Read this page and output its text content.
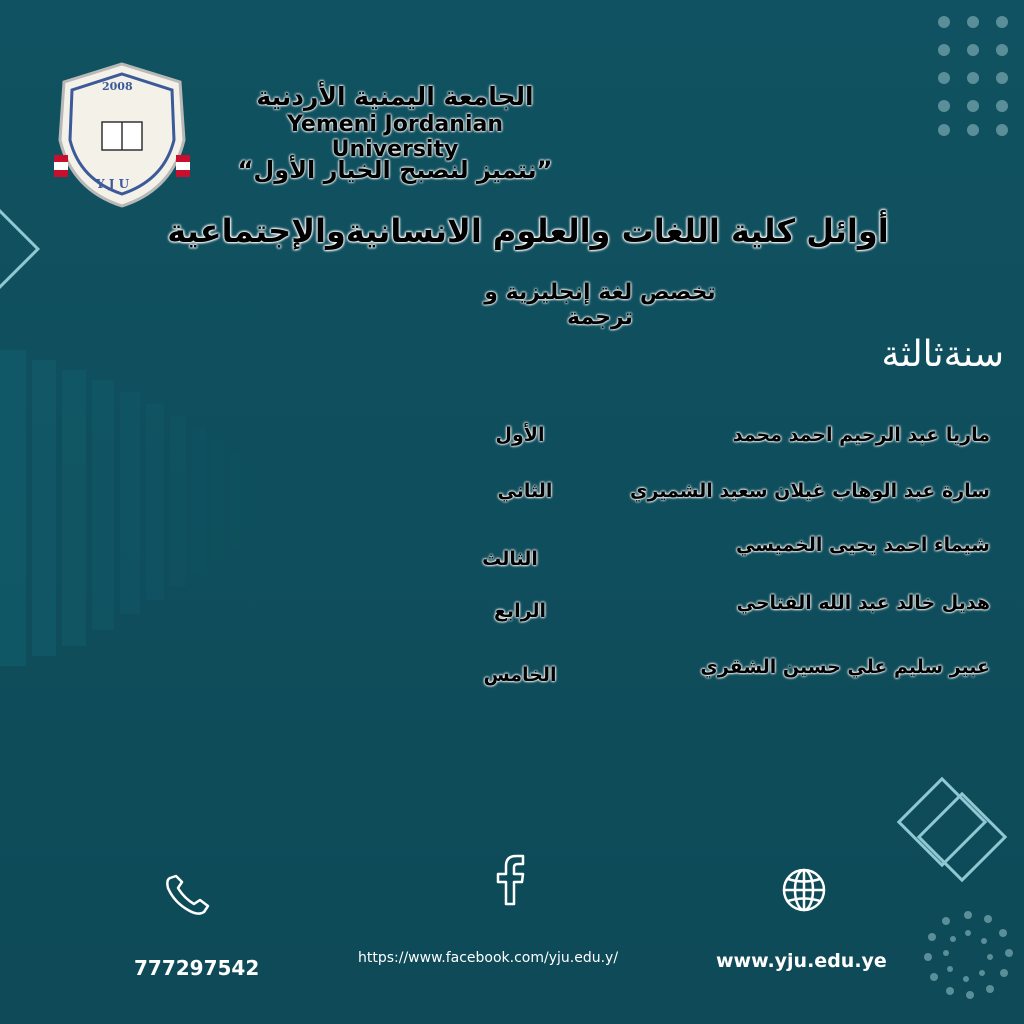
2008
Y J U
الجامعة اليمنية الأردنية
Yemeni Jordanian University
“نتميز لنصبح الخيار الأول”
أوائل كلية اللغات والعلوم الانسانيةوالإجتماعية
تخصص لغة إنجليزية و ترجمة
سنةثالثة
ماريا عبد الرحيم احمد محمد
الأول
سارة عبد الوهاب غيلان سعيد الشميري
الثاني
شيماء احمد يحيى الخميسي
الثالث
هديل خالد عبد الله الفتاحي
الرابع
عبير سليم علي حسين الشقري
الخامس
777297542	https://www.facebook.com/yju.edu.y/	www.yju.edu.ye
